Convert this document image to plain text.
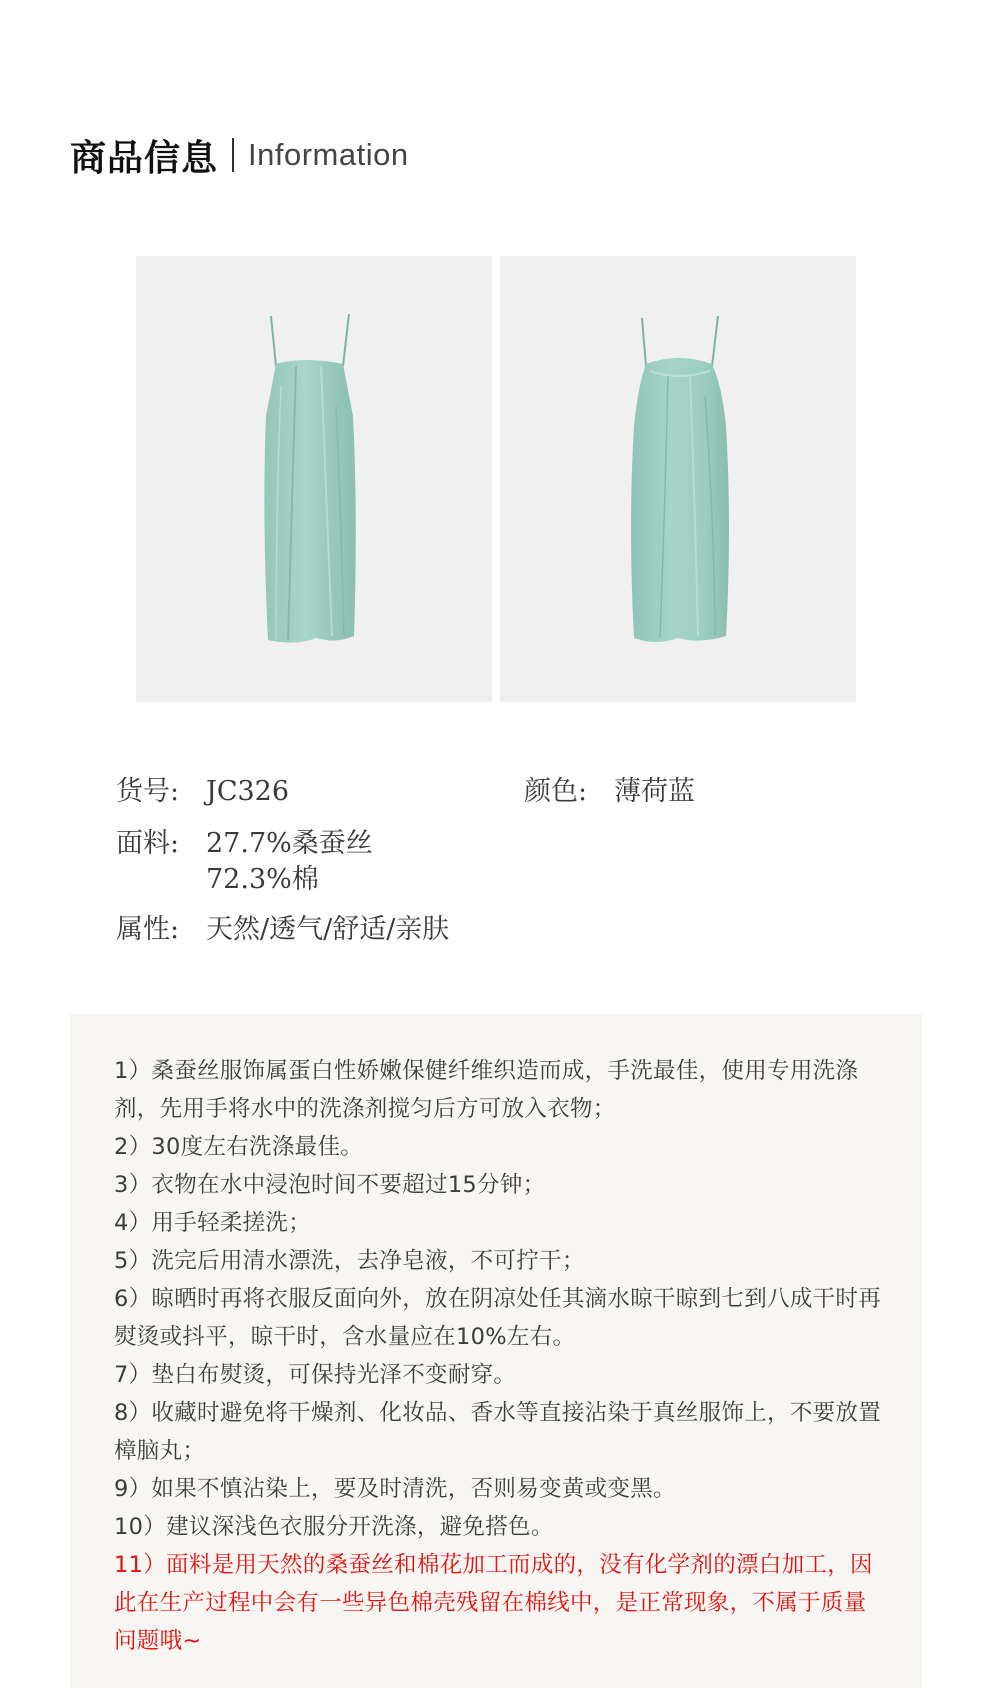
商品信息 Information
货号: JC326	颜色: 薄荷蓝
面料: 27.7%桑蚕丝
72.3%棉
属性: 天然/透气/舒适/亲肤
1）桑蚕丝服饰属蛋白性娇嫩保健纤维织造而成，手洗最佳，使用专用洗涤剂，先用手将水中的洗涤剂搅匀后方可放入衣物；
2）30度左右洗涤最佳。
3）衣物在水中浸泡时间不要超过15分钟；
4）用手轻柔搓洗；
5）洗完后用清水漂洗，去净皂液，不可拧干；
6）晾晒时再将衣服反面向外，放在阴凉处任其滴水晾干晾到七到八成干时再熨烫或抖平，晾干时，含水量应在10%左右。
7）垫白布熨烫，可保持光泽不变耐穿。
8）收藏时避免将干燥剂、化妆品、香水等直接沾染于真丝服饰上，不要放置樟脑丸；
9）如果不慎沾染上，要及时清洗，否则易变黄或变黑。
10）建议深浅色衣服分开洗涤，避免搭色。
11）面料是用天然的桑蚕丝和棉花加工而成的，没有化学剂的漂白加工，因此在生产过程中会有一些异色棉壳残留在棉线中，是正常现象，不属于质量问题哦~
